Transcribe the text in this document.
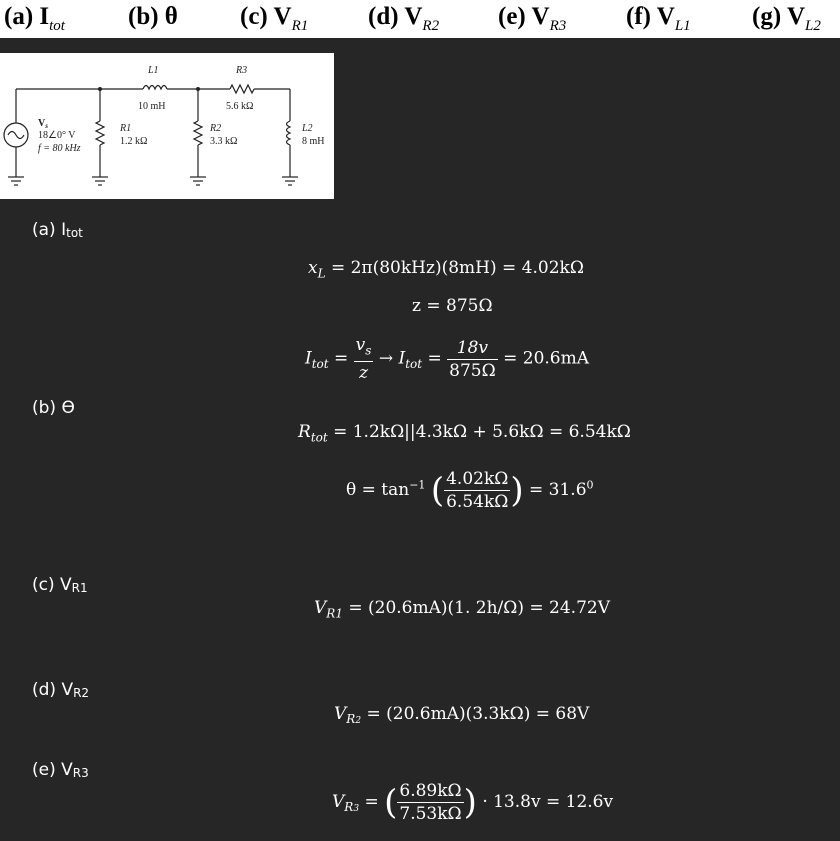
(a) $I_{tot}$	(b) θ (c) $V_{R1}$ (d) $V_{R2}$ (e) $V_{R3}$ (f) $V_{L1}$ (g) $V_{L2}$
L1
10 mH
R3
5.6 kΩ
$V_s$
18∠0° V
f = 80 kHz
R1
1.2 kΩ
R2
3.3 kΩ
L2
8 mH
(a) $I_{tot}$
(b) ϴ
(c) $V_{R1}$
(d) $V_{R2}$
(e) $V_{R3}$
$x_L = 2\pi(80kHz)(8mH) = 4.02k\Omega$
z = 875Ω
$I_{tot} = \frac{v_s}{z} \to I_{tot} = \frac{18v}{875\Omega} = 20.6mA$
$R_{tot} = 1.2k\Omega||4.3k\Omega + 5.6k\Omega = 6.54k\Omega$
$\theta = \tan^{-1}$ ( $\frac{4.02k\Omega}{6.54k\Omega}$ ) = $31.6^0$
$V_{R1} = (20.6mA)(1$. 2h/Ω) = 24.72V
$V_{R2} = (20.6mA)(3.3k\Omega) = 68V$
$V_{R3}$ = ( $\frac{6.89k\Omega}{7.53k\Omega}$ ) · 13.8v = 12.6v
